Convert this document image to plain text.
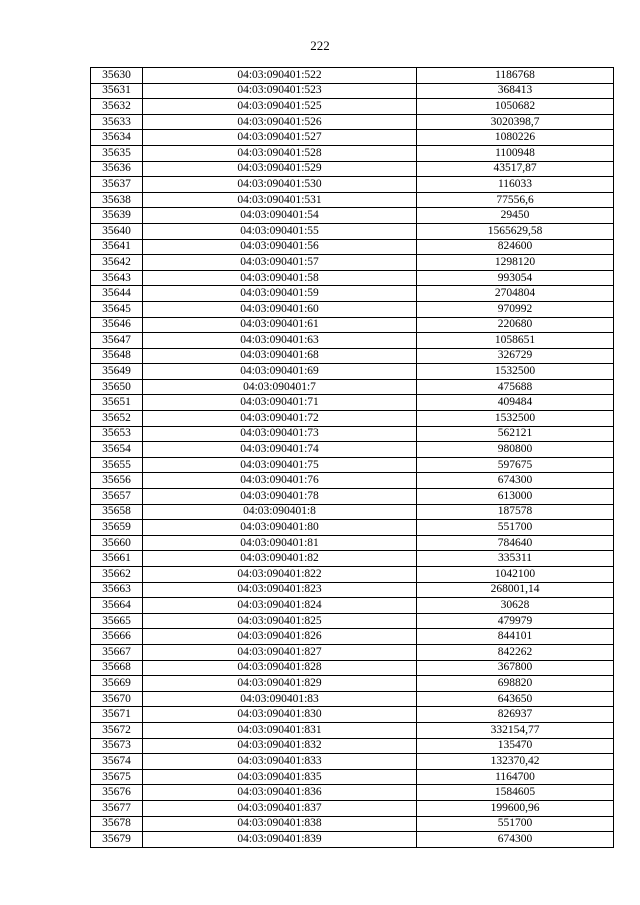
222
35630	04:03:090401:522	1186768
35631	04:03:090401:523	368413
35632	04:03:090401:525	1050682
35633	04:03:090401:526	3020398,7
35634	04:03:090401:527	1080226
35635	04:03:090401:528	1100948
35636	04:03:090401:529	43517,87
35637	04:03:090401:530	116033
35638	04:03:090401:531	77556,6
35639	04:03:090401:54	29450
35640	04:03:090401:55	1565629,58
35641	04:03:090401:56	824600
35642	04:03:090401:57	1298120
35643	04:03:090401:58	993054
35644	04:03:090401:59	2704804
35645	04:03:090401:60	970992
35646	04:03:090401:61	220680
35647	04:03:090401:63	1058651
35648	04:03:090401:68	326729
35649	04:03:090401:69	1532500
35650	04:03:090401:7	475688
35651	04:03:090401:71	409484
35652	04:03:090401:72	1532500
35653	04:03:090401:73	562121
35654	04:03:090401:74	980800
35655	04:03:090401:75	597675
35656	04:03:090401:76	674300
35657	04:03:090401:78	613000
35658	04:03:090401:8	187578
35659	04:03:090401:80	551700
35660	04:03:090401:81	784640
35661	04:03:090401:82	335311
35662	04:03:090401:822	1042100
35663	04:03:090401:823	268001,14
35664	04:03:090401:824	30628
35665	04:03:090401:825	479979
35666	04:03:090401:826	844101
35667	04:03:090401:827	842262
35668	04:03:090401:828	367800
35669	04:03:090401:829	698820
35670	04:03:090401:83	643650
35671	04:03:090401:830	826937
35672	04:03:090401:831	332154,77
35673	04:03:090401:832	135470
35674	04:03:090401:833	132370,42
35675	04:03:090401:835	1164700
35676	04:03:090401:836	1584605
35677	04:03:090401:837	199600,96
35678	04:03:090401:838	551700
35679	04:03:090401:839	674300
